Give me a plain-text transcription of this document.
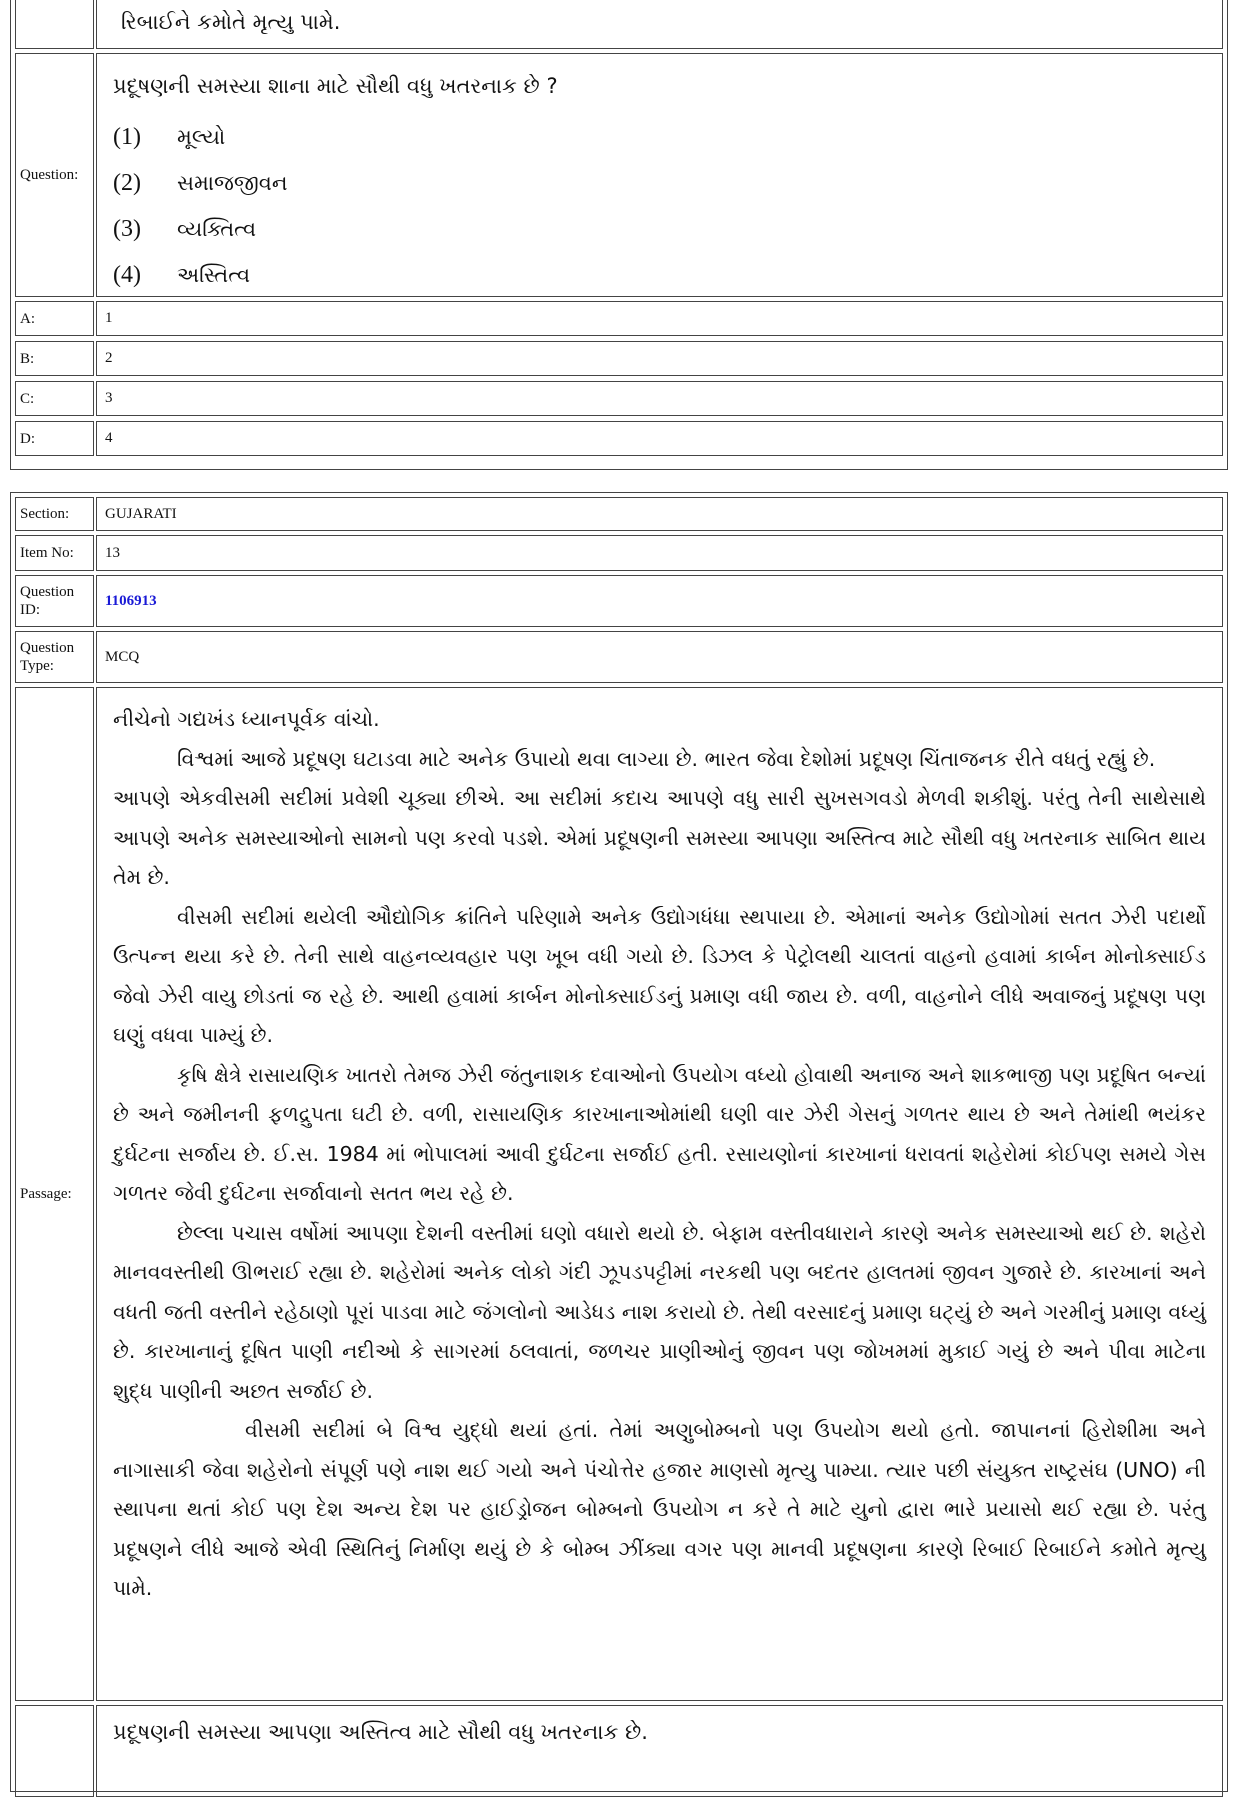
રિબાઈને કમોતે મૃત્યુ પામે.
Question:
પ્રદૂષણની સમસ્યા શાના માટે સૌથી વધુ ખતરનાક છે ?
(1)	મૂલ્યો
(2)	સમાજજીવન
(3)	વ્યક્તિત્વ
(4)	અસ્તિત્વ
A:	1
B:	2
C:	3
D:	4
Section:	GUJARATI
Item No:	13
Question ID:
1106913
Question Type:
MCQ
Passage:

નીચેનો ગદ્યખંડ ધ્યાનપૂર્વક વાંચો.

વિશ્વમાં આજે પ્રદૂષણ ઘટાડવા માટે અનેક ઉપાયો થવા લાગ્યા છે. ભારત જેવા દેશોમાં પ્રદૂષણ ચિંતાજનક રીતે વધતું રહ્યું છે.

આપણે એકવીસમી સદીમાં પ્રવેશી ચૂક્યા છીએ. આ સદીમાં કદાચ આપણે વધુ સારી સુખસગવડો મેળવી શકીશું. પરંતુ તેની સાથેસાથે આપણે અનેક સમસ્યાઓનો સામનો પણ કરવો પડશે. એમાં પ્રદૂષણની સમસ્યા આપણા અસ્તિત્વ માટે સૌથી વધુ ખતરનાક સાબિત થાય તેમ છે.

વીસમી સદીમાં થયેલી ઔદ્યોગિક ક્રાંતિને પરિણામે અનેક ઉદ્યોગધંધા સ્થપાયા છે. એમાનાં અનેક ઉદ્યોગોમાં સતત ઝેરી પદાર્થો ઉત્પન્ન થયા કરે છે. તેની સાથે વાહનવ્યવહાર પણ ખૂબ વધી ગયો છે. ડિઝલ કે પેટ્રોલથી ચાલતાં વાહનો હવામાં કાર્બન મોનોક્સાઈડ જેવો ઝેરી વાયુ છોડતાં જ રહે છે. આથી હવામાં કાર્બન મોનોક્સાઈડનું પ્રમાણ વધી જાય છે. વળી, વાહનોને લીધે અવાજનું પ્રદૂષણ પણ ઘણું વધવા પામ્યું છે.

કૃષિ ક્ષેત્રે રાસાયણિક ખાતરો તેમજ ઝેરી જંતુનાશક દવાઓનો ઉપયોગ વધ્યો હોવાથી અનાજ અને શાકભાજી પણ પ્રદૂષિત બન્યાં છે અને જમીનની ફળદ્રુપતા ઘટી છે. વળી, રાસાયણિક કારખાનાઓમાંથી ઘણી વાર ઝેરી ગેસનું ગળતર થાય છે અને તેમાંથી ભયંકર દુર્ઘટના સર્જાય છે. ઈ.સ. 1984 માં ભોપાલમાં આવી દુર્ઘટના સર્જાઈ હતી. રસાયણોનાં કારખાનાં ધરાવતાં શહેરોમાં કોઈપણ સમયે ગેસ ગળતર જેવી દુર્ઘટના સર્જાવાનો સતત ભય રહે છે.

છેલ્લા પચાસ વર્ષોમાં આપણા દેશની વસ્તીમાં ઘણો વધારો થયો છે. બેફામ વસ્તીવધારાને કારણે અનેક સમસ્યાઓ થઈ છે. શહેરો માનવવસ્તીથી ઊભરાઈ રહ્યા છે. શહેરોમાં અનેક લોકો ગંદી ઝૂપડપટ્ટીમાં નરકથી પણ બદતર હાલતમાં જીવન ગુજારે છે. કારખાનાં અને વધતી જતી વસ્તીને રહેઠાણો પૂરાં પાડવા માટે જંગલોનો આડેધડ નાશ કરાયો છે. તેથી વરસાદનું પ્રમાણ ઘટ્યું છે અને ગરમીનું પ્રમાણ વધ્યું છે. કારખાનાનું દૂષિત પાણી નદીઓ કે સાગરમાં ઠલવાતાં, જળચર પ્રાણીઓનું જીવન પણ જોખમમાં મુકાઈ ગયું છે અને પીવા માટેના શુદ્ધ પાણીની અછત સર્જાઈ છે.

વીસમી સદીમાં બે વિશ્વ યુદ્ધો થયાં હતાં. તેમાં અણુબોમ્બનો પણ ઉપયોગ થયો હતો. જાપાનનાં હિરોશીમા અને નાગાસાકી જેવા શહેરોનો સંપૂર્ણ પણે નાશ થઈ ગયો અને પંચોત્તેર હજાર માણસો મૃત્યુ પામ્યા. ત્યાર પછી સંયુક્ત રાષ્ટ્રસંઘ (UNO) ની સ્થાપના થતાં કોઈ પણ દેશ અન્ય દેશ પર હાઈડ્રોજન બોમ્બનો ઉપયોગ ન કરે તે માટે યુનો દ્વારા ભારે પ્રયાસો થઈ રહ્યા છે. પરંતુ પ્રદૂષણને લીધે આજે એવી સ્થિતિનું નિર્માણ થયું છે કે બોમ્બ ઝીંક્યા વગર પણ માનવી પ્રદૂષણના કારણે રિબાઈ રિબાઈને કમોતે મૃત્યુ પામે.

પ્રદૂષણની સમસ્યા આપણા અસ્તિત્વ માટે સૌથી વધુ ખતરનાક છે.
